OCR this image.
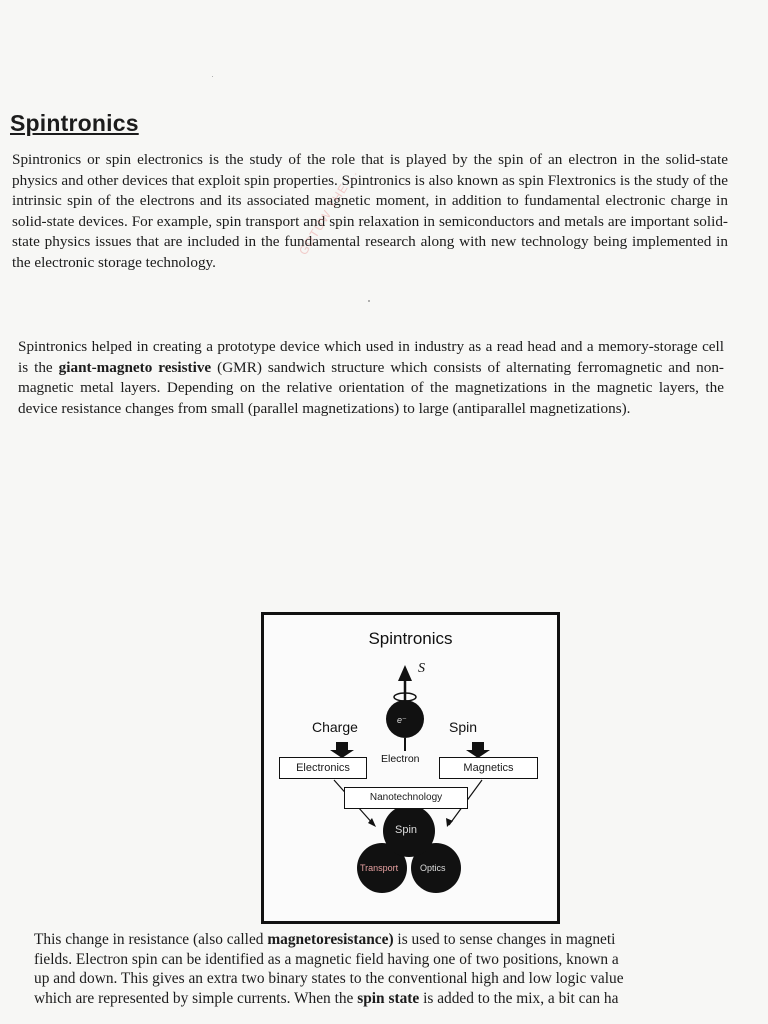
Spintronics

Spintronics or spin electronics is the study of the role that is played by the spin of an electron in the solid-state physics and other devices that exploit spin properties. Spintronics is also known as spin Flextronics is the study of the intrinsic spin of the electrons and its associated magnetic moment, in addition to fundamental electronic charge in solid-state devices. For example, spin transport and spin relaxation in semiconductors and metals are important solid-state physics issues that are included in the fundamental research along with new technology being implemented in the electronic storage technology.

GDTUW THE ...

Spintronics helped in creating a prototype device which used in industry as a read head and a memory-storage cell is the giant-magneto resistive (GMR) sandwich structure which consists of alternating ferromagnetic and non-magnetic metal layers. Depending on the relative orientation of the magnetizations in the magnetic layers, the device resistance changes from small (parallel magnetizations) to large (antiparallel magnetizations).

Spintronics
S
e⁻
Charge	Spin
Electron
Electronics	Magnetics
Nanotechnology
Spin
Transport Optics

This change in resistance (also called magnetoresistance) is used to sense changes in magneti
fields. Electron spin can be identified as a magnetic field having one of two positions, known a
up and down. This gives an extra two binary states to the conventional high and low logic value
which are represented by simple currents. When the spin state is added to the mix, a bit can ha
